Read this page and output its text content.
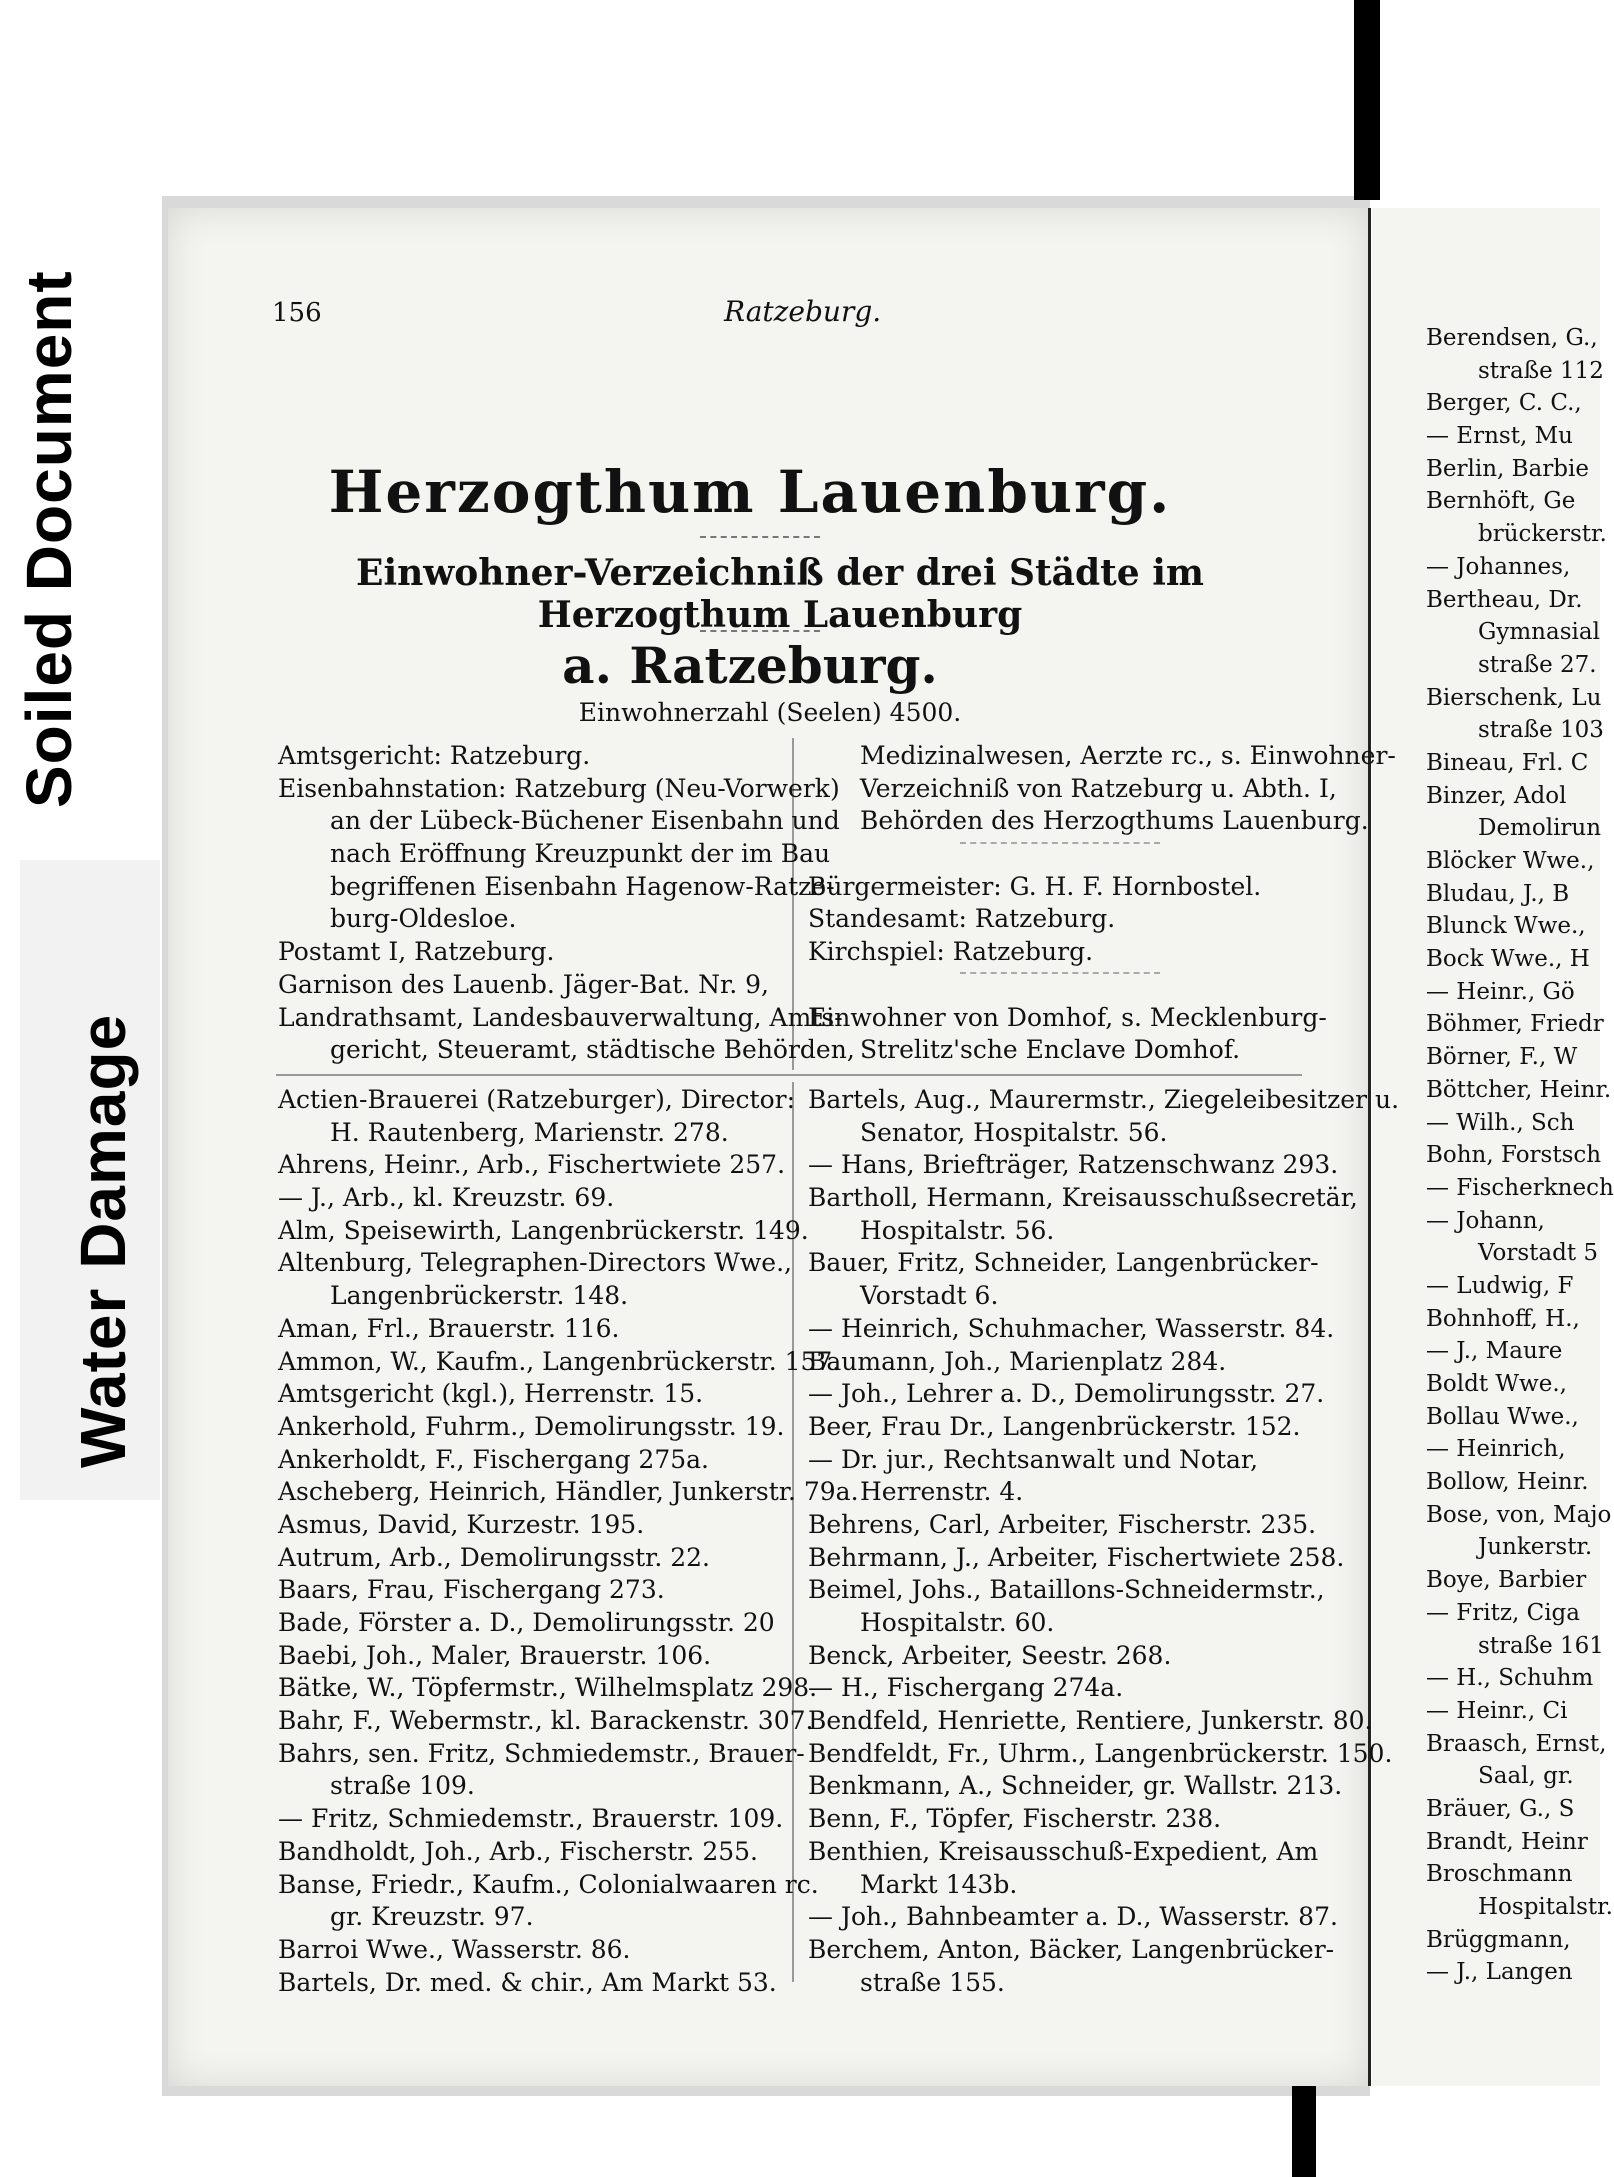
Soiled Document
Water Damage
156	Ratzeburg.
Herzogthum Lauenburg.
Einwohner-Verzeichniß der drei Städte im Herzogthum Lauenburg
a. Ratzeburg.
Einwohnerzahl (Seelen) 4500.
Amtsgericht: Ratzeburg.
Eisenbahnstation: Ratzeburg (Neu-Vorwerk)
an der Lübeck-Büchener Eisenbahn und
nach Eröffnung Kreuzpunkt der im Bau
begriffenen Eisenbahn Hagenow-Ratze-
burg-Oldesloe.
Postamt I, Ratzeburg.
Garnison des Lauenb. Jäger-Bat. Nr. 9,
Landrathsamt, Landesbauverwaltung, Amts-
gericht, Steueramt, städtische Behörden,
Medizinalwesen, Aerzte rc., s. Einwohner-
Verzeichniß von Ratzeburg u. Abth. I,
Behörden des Herzogthums Lauenburg.
Bürgermeister: G. H. F. Hornbostel.
Standesamt: Ratzeburg.
Kirchspiel: Ratzeburg.
Einwohner von Domhof, s. Mecklenburg-
Strelitz'sche Enclave Domhof.
Actien-Brauerei (Ratzeburger), Director:
H. Rautenberg, Marienstr. 278.
Ahrens, Heinr., Arb., Fischertwiete 257.
— J., Arb., kl. Kreuzstr. 69.
Alm, Speisewirth, Langenbrückerstr. 149.
Altenburg, Telegraphen-Directors Wwe.,
Langenbrückerstr. 148.
Aman, Frl., Brauerstr. 116.
Ammon, W., Kaufm., Langenbrückerstr. 157.
Amtsgericht (kgl.), Herrenstr. 15.
Ankerhold, Fuhrm., Demolirungsstr. 19.
Ankerholdt, F., Fischergang 275a.
Ascheberg, Heinrich, Händler, Junkerstr. 79a.
Asmus, David, Kurzestr. 195.
Autrum, Arb., Demolirungsstr. 22.
Baars, Frau, Fischergang 273.
Bade, Förster a. D., Demolirungsstr. 20
Baebi, Joh., Maler, Brauerstr. 106.
Bätke, W., Töpfermstr., Wilhelmsplatz 298.
Bahr, F., Webermstr., kl. Barackenstr. 307.
Bahrs, sen. Fritz, Schmiedemstr., Brauer-
straße 109.
— Fritz, Schmiedemstr., Brauerstr. 109.
Bandholdt, Joh., Arb., Fischerstr. 255.
Banse, Friedr., Kaufm., Colonialwaaren rc.
gr. Kreuzstr. 97.
Barroi Wwe., Wasserstr. 86.
Bartels, Dr. med. & chir., Am Markt 53.
Bartels, Aug., Maurermstr., Ziegeleibesitzer u.
Senator, Hospitalstr. 56.
— Hans, Briefträger, Ratzenschwanz 293.
Bartholl, Hermann, Kreisausschußsecretär,
Hospitalstr. 56.
Bauer, Fritz, Schneider, Langenbrücker-
Vorstadt 6.
— Heinrich, Schuhmacher, Wasserstr. 84.
Baumann, Joh., Marienplatz 284.
— Joh., Lehrer a. D., Demolirungsstr. 27.
Beer, Frau Dr., Langenbrückerstr. 152.
— Dr. jur., Rechtsanwalt und Notar,
Herrenstr. 4.
Behrens, Carl, Arbeiter, Fischerstr. 235.
Behrmann, J., Arbeiter, Fischertwiete 258.
Beimel, Johs., Bataillons-Schneidermstr.,
Hospitalstr. 60.
Benck, Arbeiter, Seestr. 268.
— H., Fischergang 274a.
Bendfeld, Henriette, Rentiere, Junkerstr. 80.
Bendfeldt, Fr., Uhrm., Langenbrückerstr. 150.
Benkmann, A., Schneider, gr. Wallstr. 213.
Benn, F., Töpfer, Fischerstr. 238.
Benthien, Kreisausschuß-Expedient, Am
Markt 143b.
— Joh., Bahnbeamter a. D., Wasserstr. 87.
Berchem, Anton, Bäcker, Langenbrücker-
straße 155.
Berendsen, G.,
straße 112
Berger, C. C.,
— Ernst, Mu
Berlin, Barbie
Bernhöft, Ge
brückerstr.
— Johannes,
Bertheau, Dr.
Gymnasial
straße 27.
Bierschenk, Lu
straße 103
Bineau, Frl. C
Binzer, Adol
Demolirun
Blöcker Wwe.,
Bludau, J., B
Blunck Wwe.,
Bock Wwe., H
— Heinr., Gö
Böhmer, Friedr
Börner, F., W
Böttcher, Heinr.
— Wilh., Sch
Bohn, Forstsch
— Fischerknech
— Johann,
Vorstadt 5
— Ludwig, F
Bohnhoff, H.,
— J., Maure
Boldt Wwe.,
Bollau Wwe.,
— Heinrich,
Bollow, Heinr.
Bose, von, Majo
Junkerstr.
Boye, Barbier
— Fritz, Ciga
straße 161
— H., Schuhm
— Heinr., Ci
Braasch, Ernst,
Saal, gr.
Bräuer, G., S
Brandt, Heinr
Broschmann
Hospitalstr.
Brüggmann,
— J., Langen
